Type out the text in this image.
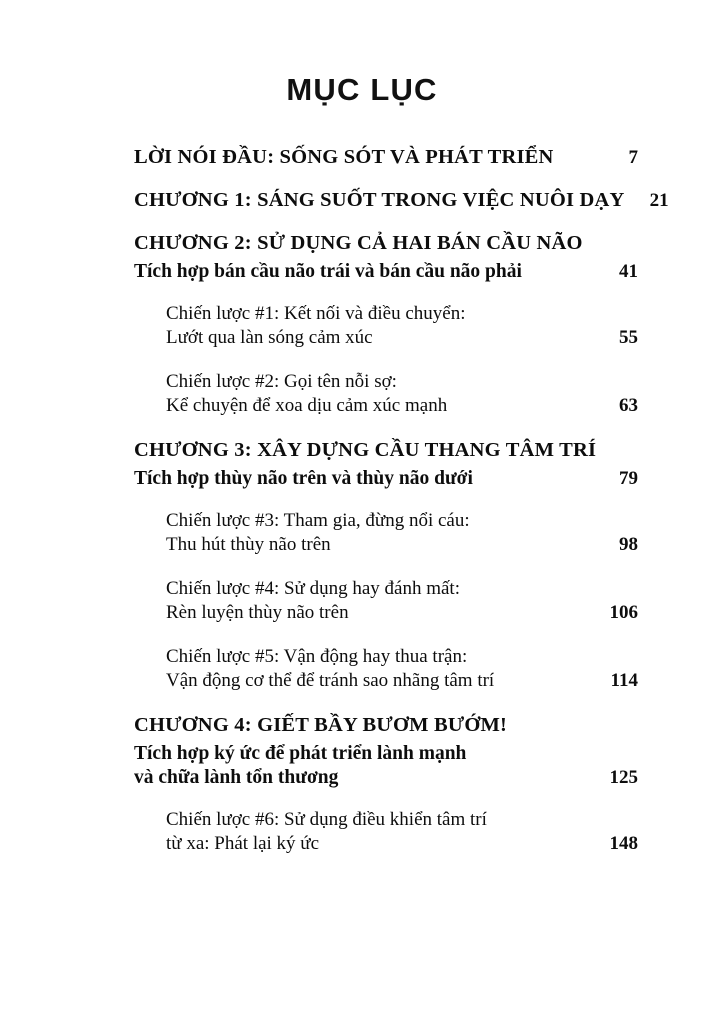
MỤC LỤC
LỜI NÓI ĐẦU: SỐNG SÓT VÀ PHÁT TRIỂN	7
CHƯƠNG 1: SÁNG SUỐT TRONG VIỆC NUÔI DẠY	21
CHƯƠNG 2: SỬ DỤNG CẢ HAI BÁN CẦU NÃO
Tích hợp bán cầu não trái và bán cầu não phải	41
Chiến lược #1: Kết nối và điều chuyển:
Lướt qua làn sóng cảm xúc	55
Chiến lược #2: Gọi tên nỗi sợ:
Kể chuyện để xoa dịu cảm xúc mạnh	63
CHƯƠNG 3: XÂY DỰNG CẦU THANG TÂM TRÍ
Tích hợp thùy não trên và thùy não dưới	79
Chiến lược #3: Tham gia, đừng nổi cáu:
Thu hút thùy não trên	98
Chiến lược #4: Sử dụng hay đánh mất:
Rèn luyện thùy não trên	106
Chiến lược #5: Vận động hay thua trận:
Vận động cơ thể để tránh sao nhãng tâm trí	114
CHƯƠNG 4: GIẾT BẦY BƯƠM BƯỚM!
Tích hợp ký ức để phát triển lành mạnh
và chữa lành tổn thương	125
Chiến lược #6: Sử dụng điều khiển tâm trí
từ xa: Phát lại ký ức	148
